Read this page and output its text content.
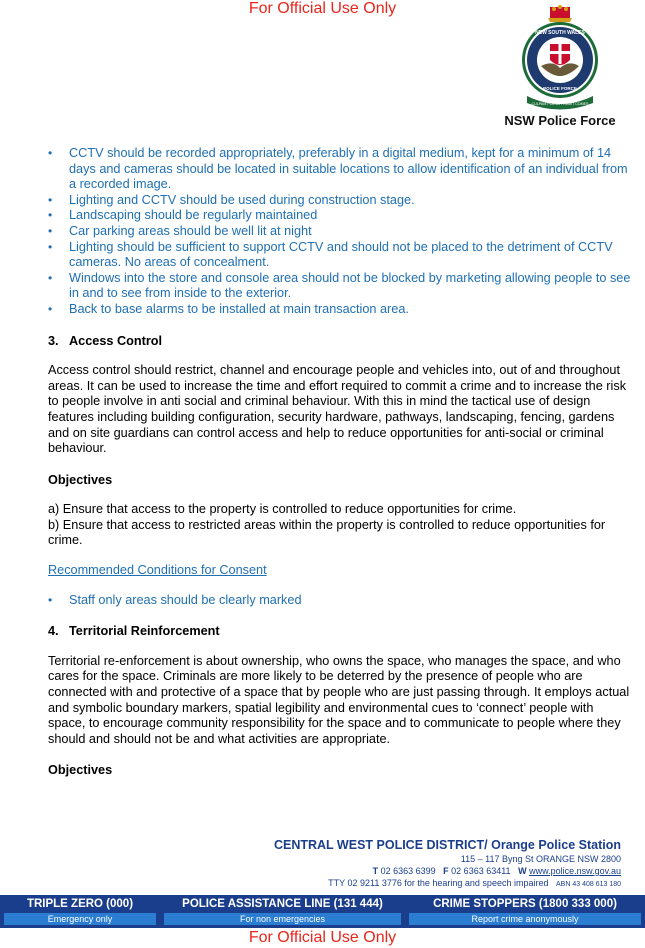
For Official Use Only
NEW SOUTH WALES
POLICE FORCE
CULPAM POENA PREMIT COMES
NSW Police Force
• CCTV should be recorded appropriately, preferably in a digital medium, kept for a minimum of 14 days and cameras should be located in suitable locations to allow identification of an individual from a recorded image.
• Lighting and CCTV should be used during construction stage.
• Landscaping should be regularly maintained
• Car parking areas should be well lit at night
• Lighting should be sufficient to support CCTV and should not be placed to the detriment of CCTV cameras. No areas of concealment.
• Windows into the store and console area should not be blocked by marketing allowing people to see in and to see from inside to the exterior.
• Back to base alarms to be installed at main transaction area.
3. Access Control
Access control should restrict, channel and encourage people and vehicles into, out of and throughout areas. It can be used to increase the time and effort required to commit a crime and to increase the risk to people involve in anti social and criminal behaviour. With this in mind the tactical use of design features including building configuration, security hardware, pathways, landscaping, fencing, gardens and on site guardians can control access and help to reduce opportunities for anti-social or criminal behaviour.
Objectives
a) Ensure that access to the property is controlled to reduce opportunities for crime.
b) Ensure that access to restricted areas within the property is controlled to reduce opportunities for crime.
Recommended Conditions for Consent
• Staff only areas should be clearly marked
4. Territorial Reinforcement
Territorial re-enforcement is about ownership, who owns the space, who manages the space, and who cares for the space. Criminals are more likely to be deterred by the presence of people who are connected with and protective of a space that by people who are just passing through. It employs actual and symbolic boundary markers, spatial legibility and environmental cues to ‘connect’ people with space, to encourage community responsibility for the space and to communicate to people where they should and should not be and what activities are appropriate.
Objectives
CENTRAL WEST POLICE DISTRICT/ Orange Police Station
115 – 117 Byng St ORANGE NSW 2800
T 02 6363 6399 F 02 6363 63411 W www.police.nsw.gov.au
TTY 02 9211 3776 for the hearing and speech impaired ABN 43 408 613 180
TRIPLE ZERO (000)	POLICE ASSISTANCE LINE (131 444)	CRIME STOPPERS (1800 333 000)
Emergency only	For non emergencies	Report crime anonymously
For Official Use Only
